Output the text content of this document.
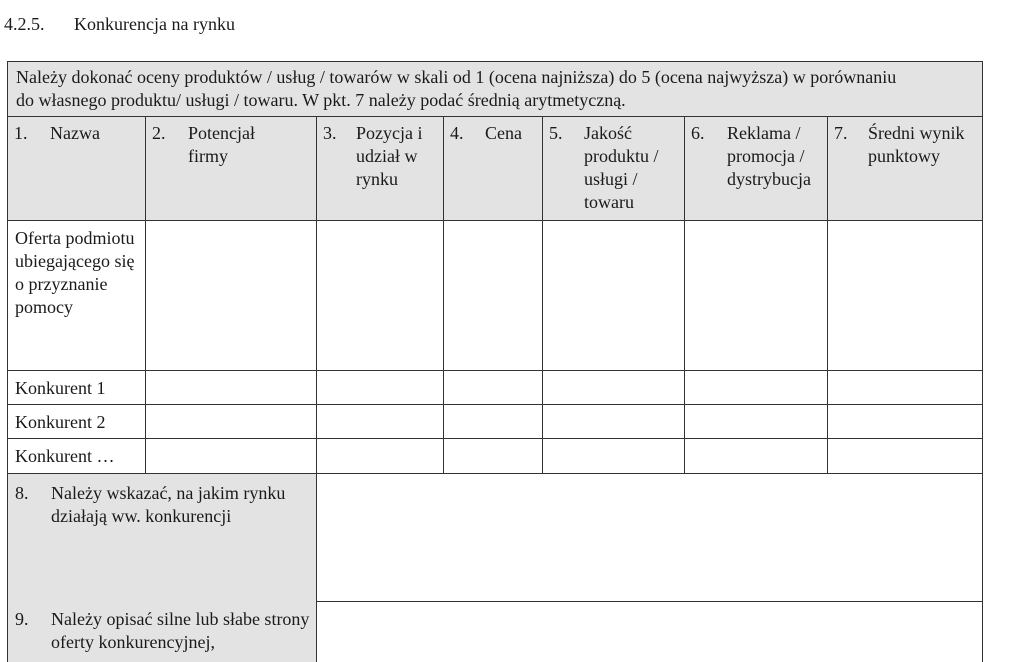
4.2.5. Konkurencja na rynku
Należy dokonać oceny produktów / usług / towarów w skali od 1 (ocena najniższa) do 5 (ocena najwyższa) w porównaniu
do własnego produktu/ usługi / towaru. W pkt. 7 należy podać średnią arytmetyczną.
1. Nazwa	2. Potencjał firmy
3. Pozycja i udział w rynku
4. Cena	5. Jakość produktu / usługi / towaru
6. Reklama / promocja / dystrybucja
7. Średni wynik punktowy
Oferta podmiotu ubiegającego się o przyznanie pomocy
Konkurent 1
Konkurent 2
Konkurent …
8. Należy wskazać, na jakim rynku działają ww. konkurencji
9. Należy opisać silne lub słabe strony oferty konkurencyjnej,
